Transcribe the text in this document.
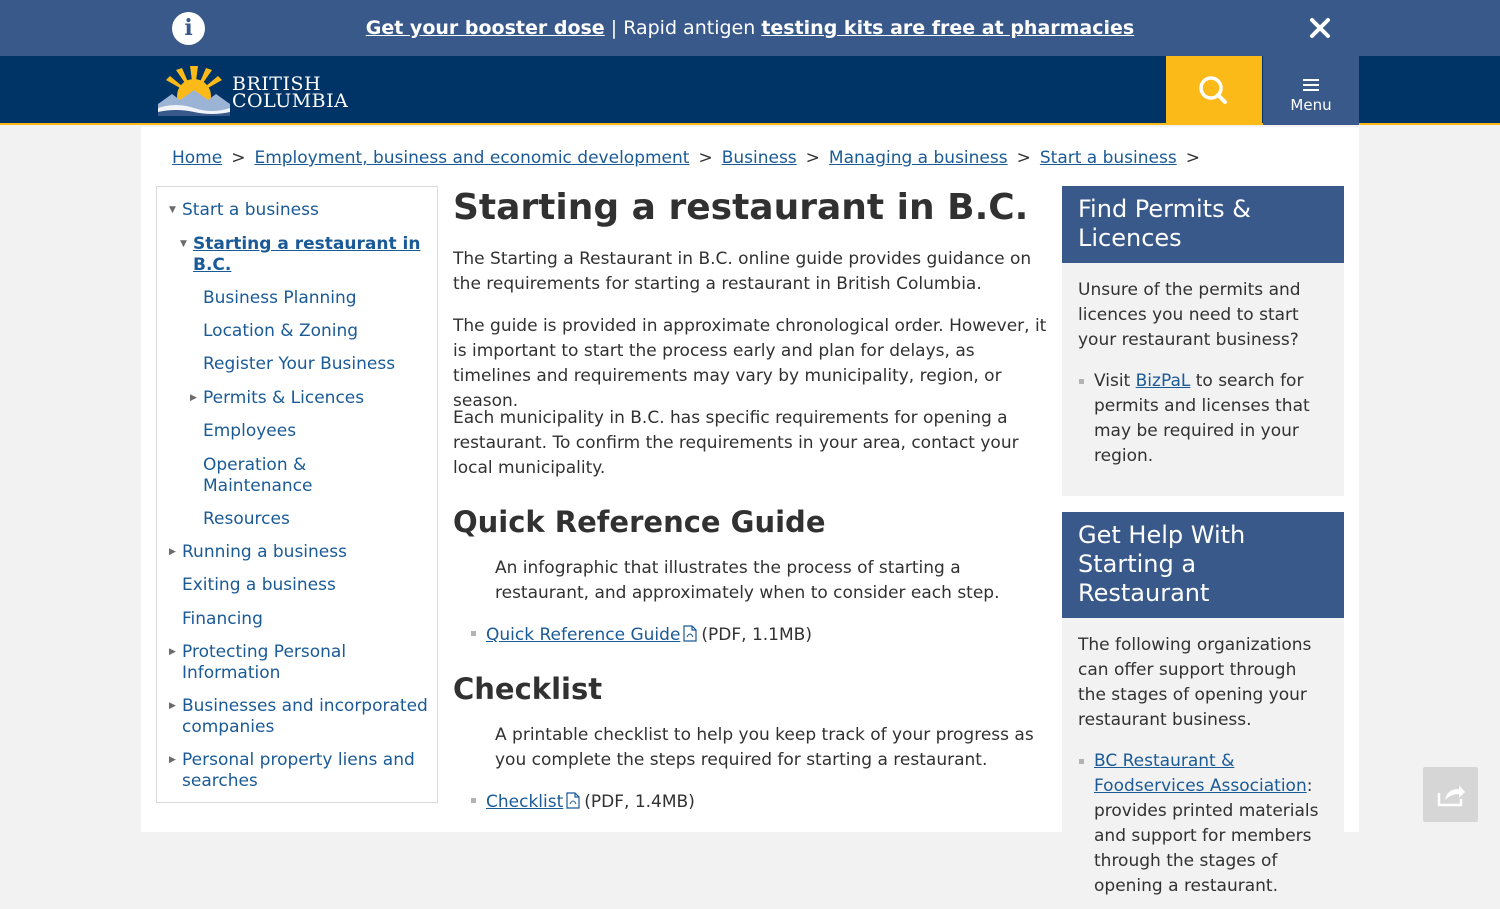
i	Get your booster dose | Rapid antigen testing kits are free at pharmacies
BRITISH
COLUMBIA	Menu
Home > Employment, business and economic development > Business > Managing a business > Start a business >
▼ Start a business
▼ Starting a restaurant in
B.C.
Business Planning
Location & Zoning
Register Your Business
▶ Permits & Licences
Employees
Operation &
Maintenance
Resources
▶ Running a business
Exiting a business
Financing
▶ Protecting Personal
Information
▶ Businesses and incorporated
companies
▶ Personal property liens and
searches
Starting a restaurant in B.C.

The Starting a Restaurant in B.C. online guide provides guidance on the requirements for starting a restaurant in British Columbia.

The guide is provided in approximate chronological order. However, it is important to start the process early and plan for delays, as timelines and requirements may vary by municipality, region, or season.

Each municipality in B.C. has specific requirements for opening a restaurant. To confirm the requirements in your area, contact your local municipality.

Quick Reference Guide

An infographic that illustrates the process of starting a restaurant, and approximately when to consider each step.

Quick Reference Guide (PDF, 1.1MB)
Checklist

A printable checklist to help you keep track of your progress as you complete the steps required for starting a restaurant.

Checklist (PDF, 1.4MB)
Find Permits & Licences

Unsure of the permits and licences you need to start your restaurant business?

Visit BizPaL to search for permits and licenses that may be required in your region.
Get Help With Starting a Restaurant

The following organizations can offer support through the stages of opening your restaurant business.

BC Restaurant & Foodservices Association: provides printed materials and support for members through the stages of opening a restaurant.
